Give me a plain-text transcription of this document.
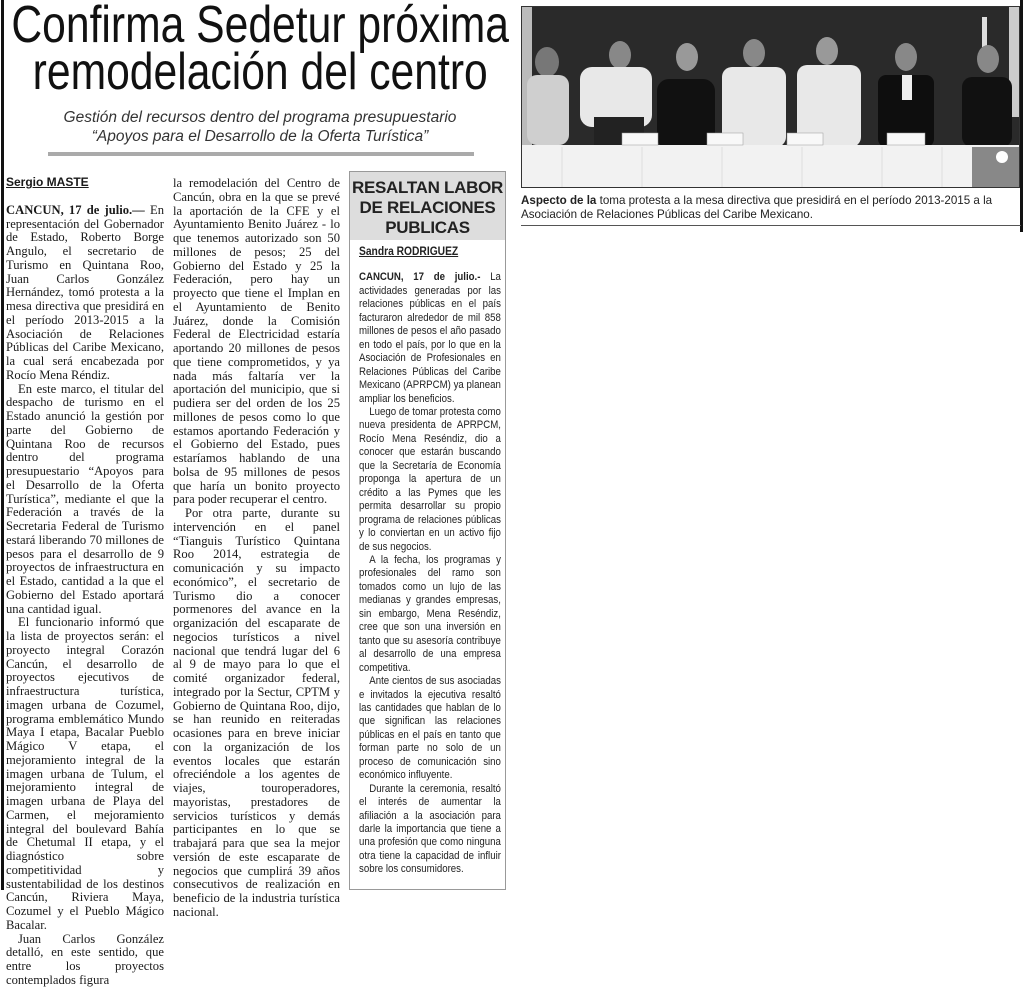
Confirma Sedetur próxima
remodelación del centro
Gestión del recursos dentro del programa presupuestario
“Apoyos para el Desarrollo de la Oferta Turística”
Sergio MASTE

CANCUN, 17 de julio.— En representación del Gobernador de Estado, Roberto Borge Angulo, el secretario de Turismo en Quintana Roo, Juan Carlos González Hernández, tomó protesta a la mesa directiva que presidirá en el período 2013-2015 a la Asociación de Relaciones Públicas del Caribe Mexicano, la cual será encabezada por Rocío Mena Réndiz.

En este marco, el titular del despacho de turismo en el Estado anunció la gestión por parte del Gobierno de Quintana Roo de recursos dentro del programa presupuestario “Apoyos para el Desarrollo de la Oferta Turística”, mediante el que la Federación a través de la Secretaria Federal de Turismo estará liberando 70 millones de pesos para el desarrollo de 9 proyectos de infraestructura en el Estado, cantidad a la que el Gobierno del Estado aportará una cantidad igual.

El funcionario informó que la lista de proyectos serán: el proyecto integral Corazón Cancún, el desarrollo de proyectos ejecutivos de infraestructura turística, imagen urbana de Cozumel, programa emblemático Mundo Maya I etapa, Bacalar Pueblo Mágico V etapa, el mejoramiento integral de la imagen urbana de Tulum, el mejoramiento integral de imagen urbana de Playa del Carmen, el mejoramiento integral del boulevard Bahía de Chetumal II etapa, y el diagnóstico sobre competitividad y sustentabilidad de los destinos Cancún, Riviera Maya, Cozumel y el Pueblo Mágico Bacalar.

Juan Carlos González detalló, en este sentido, que entre los proyectos contemplados figura

la remodelación del Centro de Cancún, obra en la que se prevé la aportación de la CFE y el Ayuntamiento Benito Juárez - lo que tenemos autorizado son 50 millones de pesos; 25 del Gobierno del Estado y 25 la Federación, pero hay un proyecto que tiene el Implan en el Ayuntamiento de Benito Juárez, donde la Comisión Federal de Electricidad estaría aportando 20 millones de pesos que tiene comprometidos, y ya nada más faltaría ver la aportación del municipio, que si pudiera ser del orden de los 25 millones de pesos como lo que estamos aportando Federación y el Gobierno del Estado, pues estaríamos hablando de una bolsa de 95 millones de pesos que haría un bonito proyecto para poder recuperar el centro.

Por otra parte, durante su intervención en el panel “Tianguis Turístico Quintana Roo 2014, estrategia de comunicación y su impacto económico”, el secretario de Turismo dio a conocer pormenores del avance en la organización del escaparate de negocios turísticos a nivel nacional que tendrá lugar del 6 al 9 de mayo para lo que el comité organizador federal, integrado por la Sectur, CPTM y Gobierno de Quintana Roo, dijo, se han reunido en reiteradas ocasiones para en breve iniciar con la organización de los eventos locales que estarán ofreciéndole a los agentes de viajes, touroperadores, mayoristas, prestadores de servicios turísticos y demás participantes en lo que se trabajará para que sea la mejor versión de este escaparate de negocios que cumplirá 39 años consecutivos de realización en beneficio de la industria turística nacional.

RESALTAN LABOR DE RELACIONES PUBLICAS
Sandra RODRIGUEZ

CANCUN, 17 de julio.- La actividades generadas por las relaciones públicas en el país facturaron alrededor de mil 858 millones de pesos el año pasado en todo el país, por lo que en la Asociación de Profesionales en Relaciones Públicas del Caribe Mexicano (APRPCM) ya planean ampliar los beneficios.

Luego de tomar protesta como nueva presidenta de APRPCM, Rocío Mena Reséndiz, dio a conocer que estarán buscando que la Secretaría de Economía proponga la apertura de un crédito a las Pymes que les permita desarrollar su propio programa de relaciones públicas y lo conviertan en un activo fijo de sus negocios.

A la fecha, los programas y profesionales del ramo son tomados como un lujo de las medianas y grandes empresas, sin embargo, Mena Reséndiz, cree que son una inversión en tanto que su asesoría contribuye al desarrollo de una empresa competitiva.

Ante cientos de sus asociadas e invitados la ejecutiva resaltó las cantidades que hablan de lo que significan las relaciones públicas en el país en tanto que forman parte no solo de un proceso de comunicación sino económico influyente.

Durante la ceremonia, resaltó el interés de aumentar la afiliación a la asociación para darle la importancia que tiene a una profesión que como ninguna otra tiene la capacidad de influir sobre los consumidores.

Aspecto de la toma protesta a la mesa directiva que presidirá en el período 2013-2015 a la Asociación de Relaciones Públicas del Caribe Mexicano.
